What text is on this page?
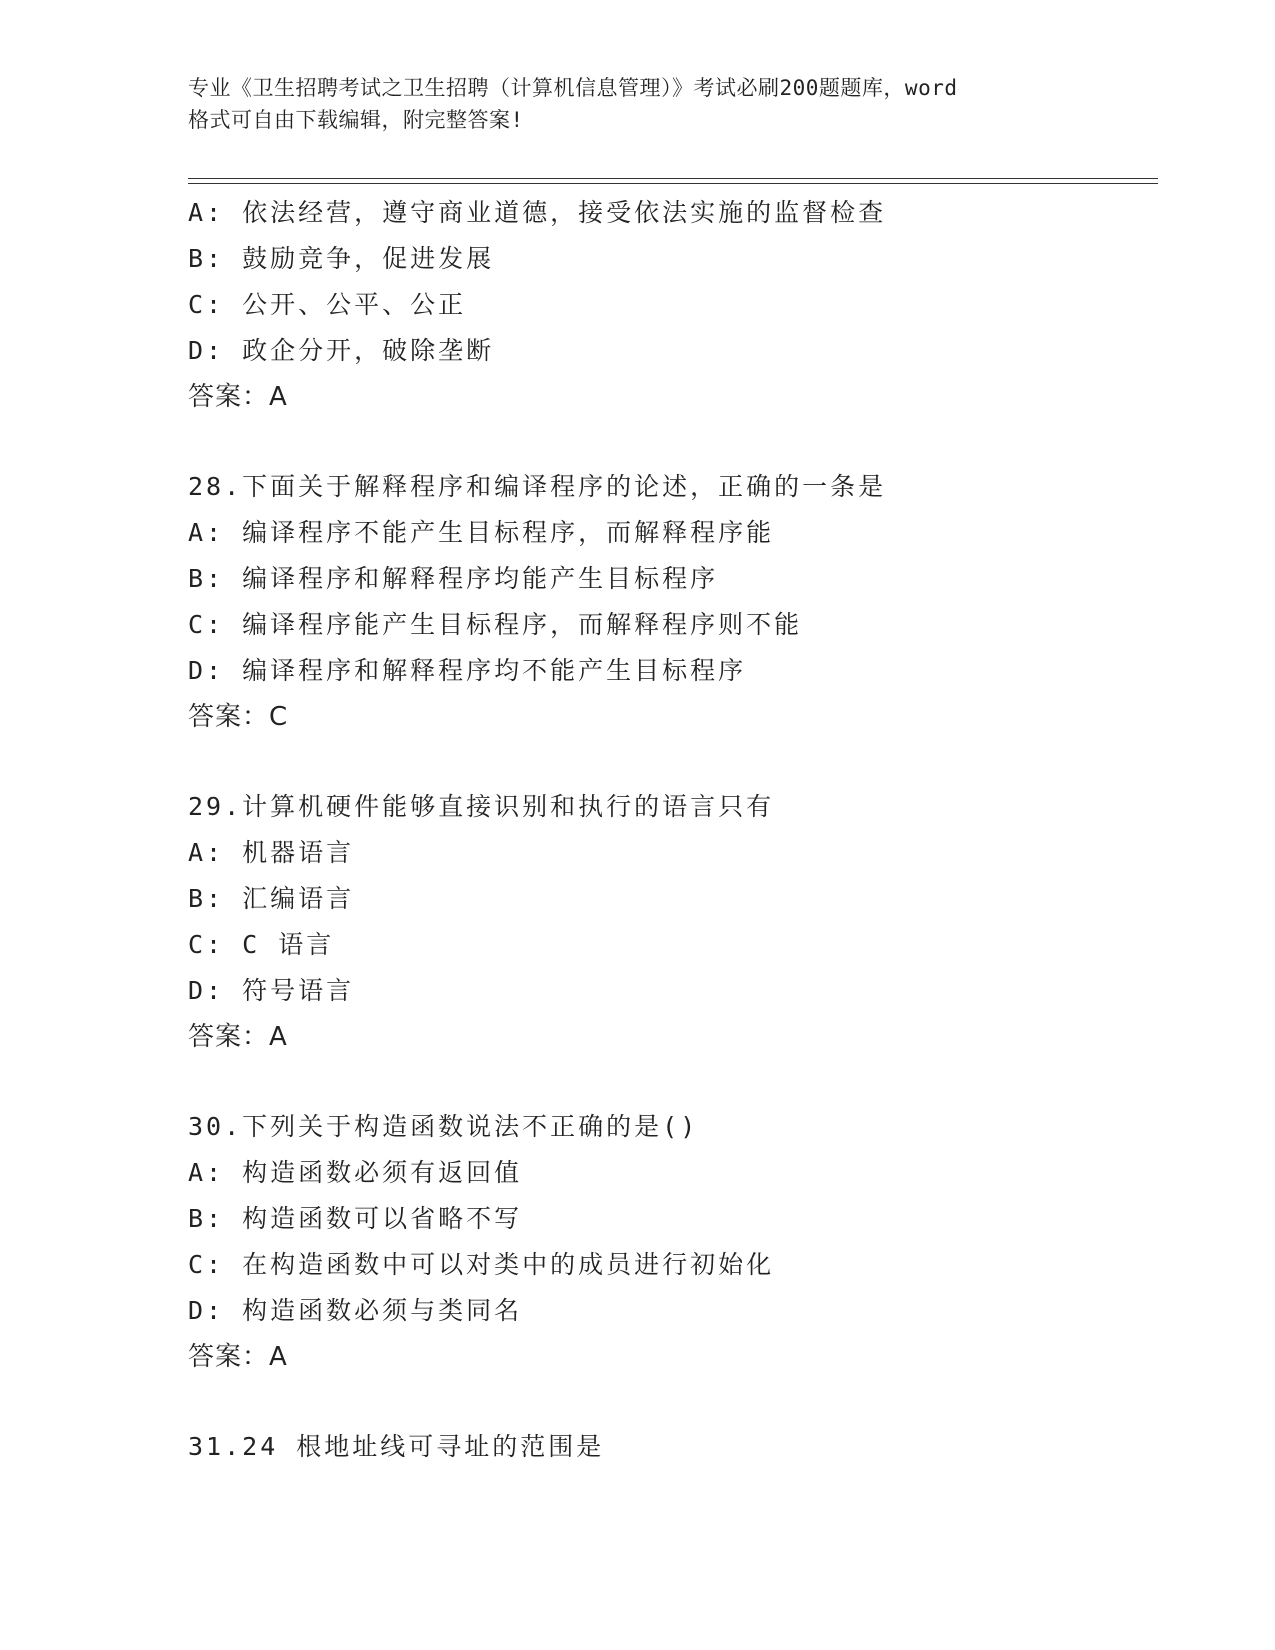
专业《卫生招聘考试之卫生招聘（计算机信息管理）》考试必刷200题题库，word
格式可自由下载编辑，附完整答案!
A: 依法经营，遵守商业道德，接受依法实施的监督检查
B: 鼓励竞争，促进发展
C: 公开、公平、公正
D: 政企分开，破除垄断
答案：A
28.下面关于解释程序和编译程序的论述，正确的一条是
A: 编译程序不能产生目标程序，而解释程序能
B: 编译程序和解释程序均能产生目标程序
C: 编译程序能产生目标程序，而解释程序则不能
D: 编译程序和解释程序均不能产生目标程序
答案：C
29.计算机硬件能够直接识别和执行的语言只有
A: 机器语言
B: 汇编语言
C: C 语言
D: 符号语言
答案：A
30.下列关于构造函数说法不正确的是()
A: 构造函数必须有返回值
B: 构造函数可以省略不写
C: 在构造函数中可以对类中的成员进行初始化
D: 构造函数必须与类同名
答案：A
31.24 根地址线可寻址的范围是
